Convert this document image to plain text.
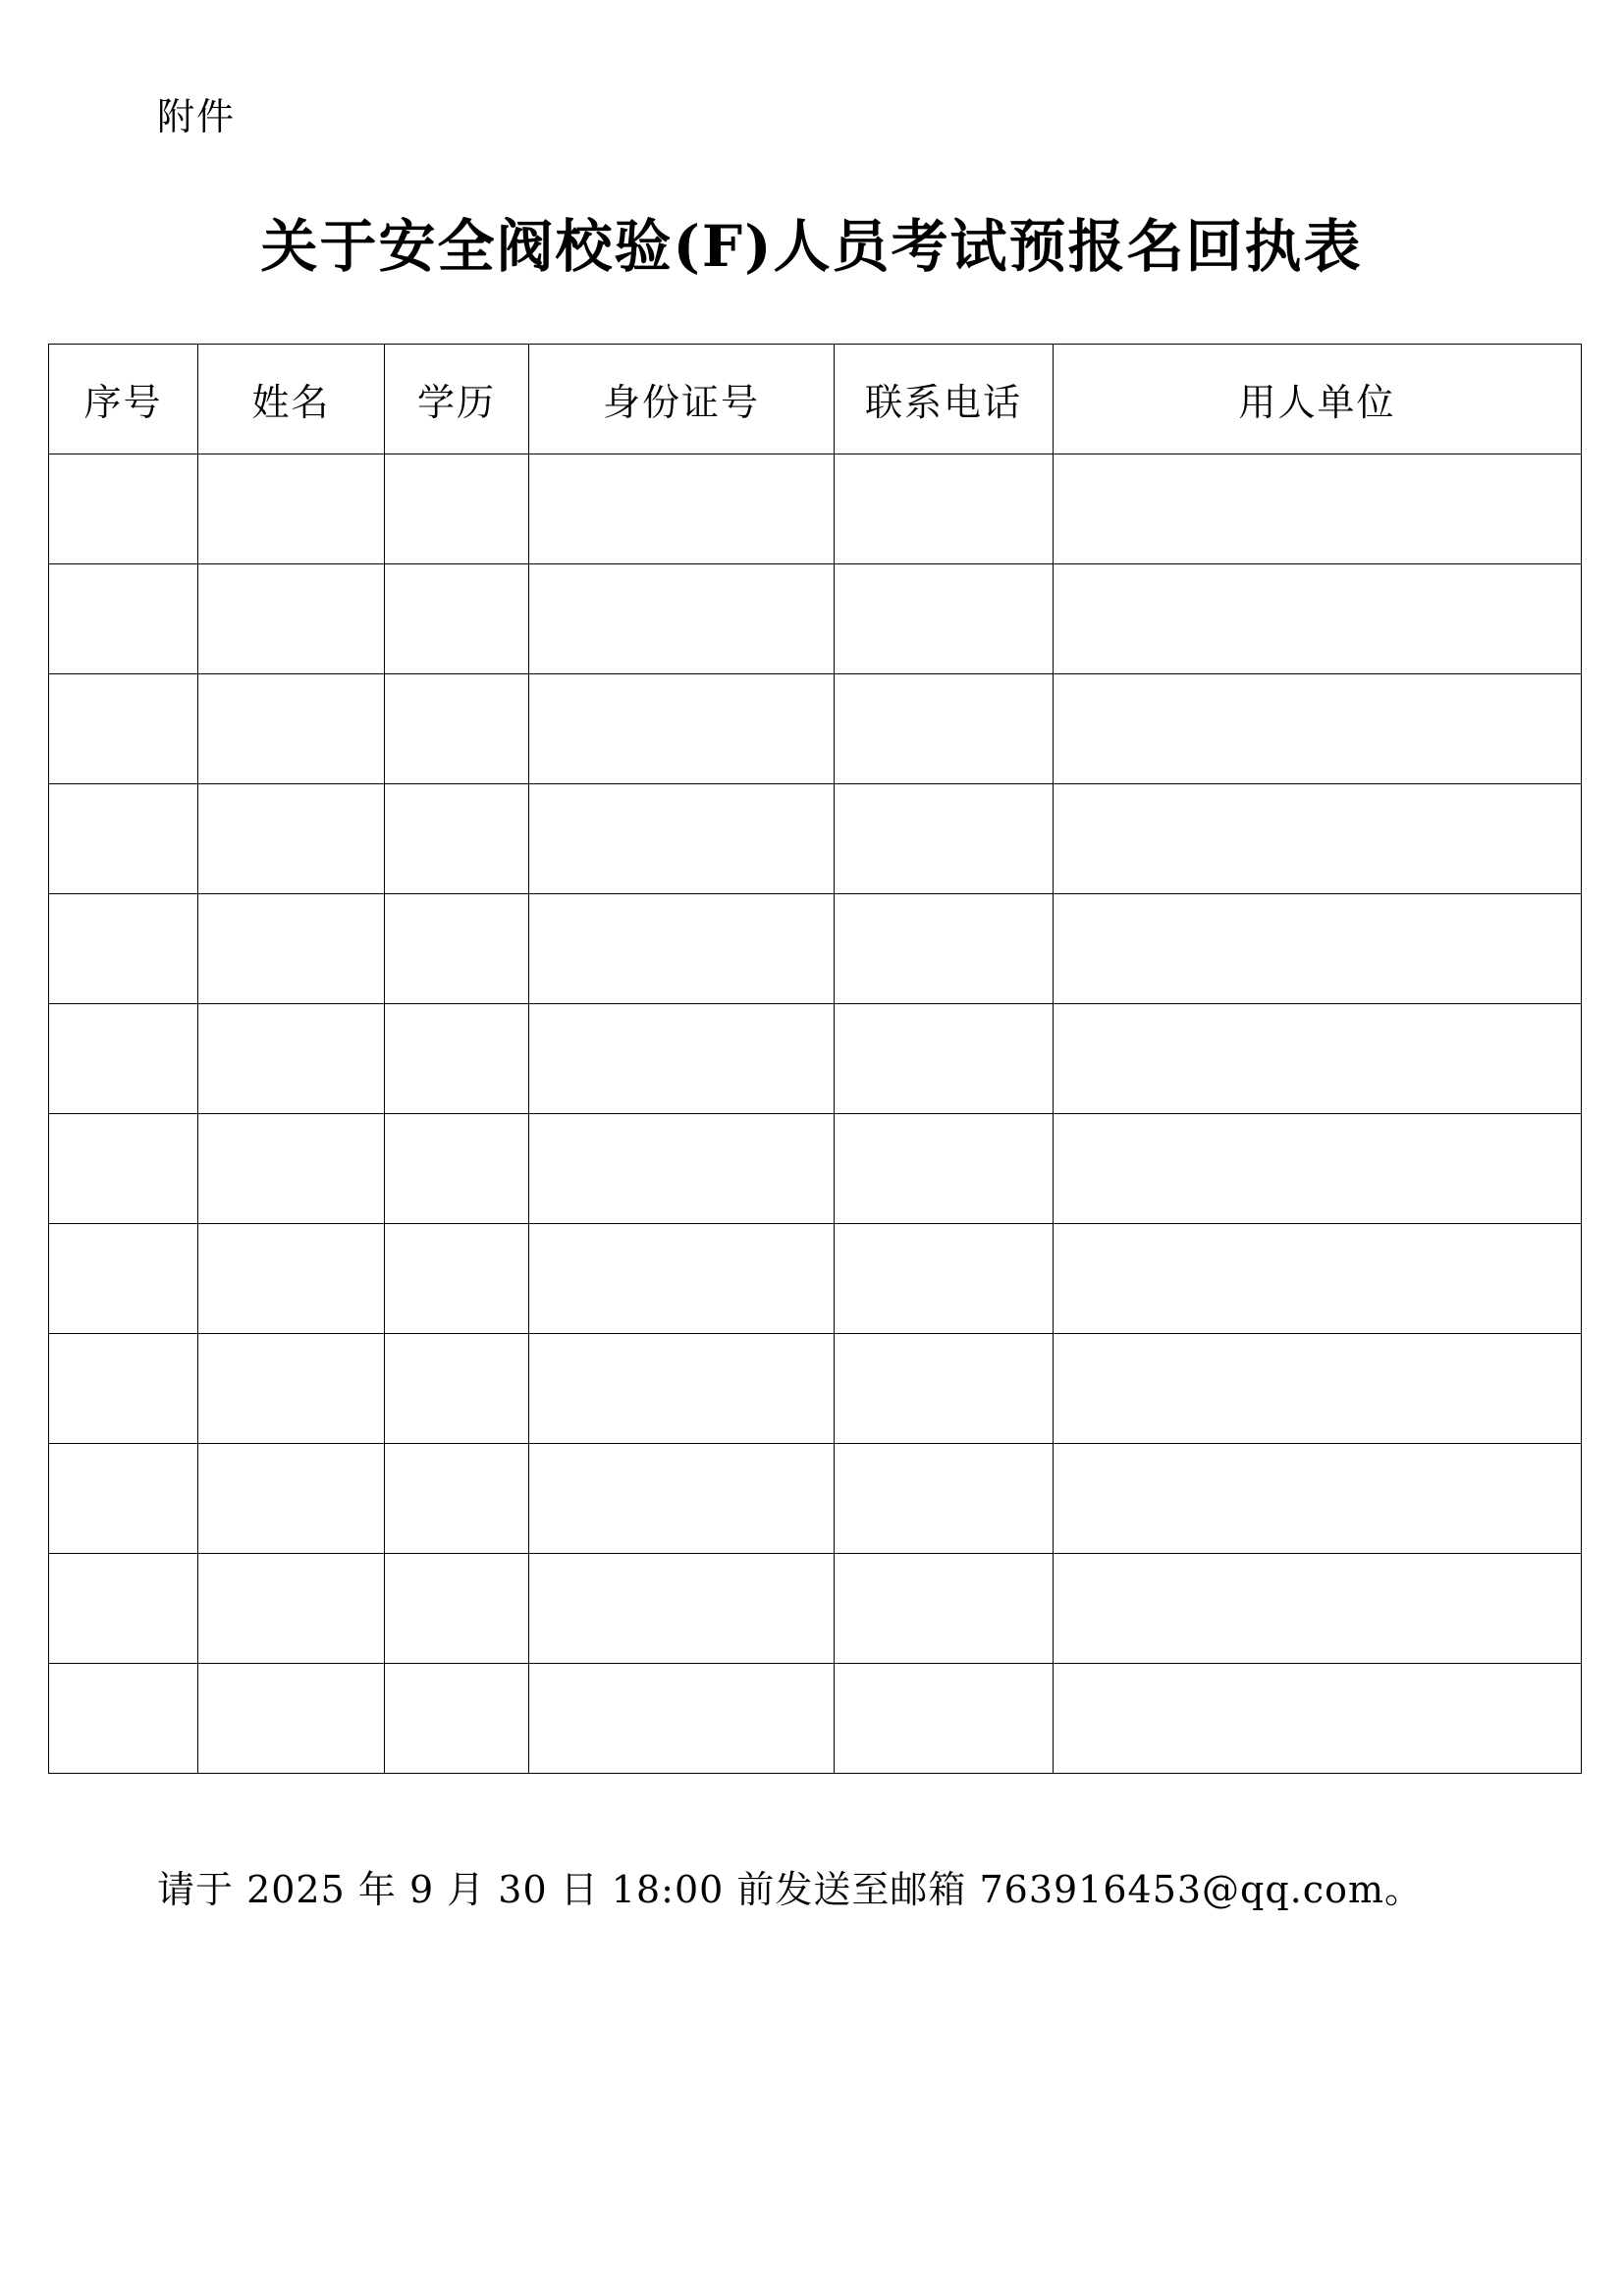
附件
关于安全阀校验(F)人员考试预报名回执表
序号	姓名	学历	身份证号	联系电话	用人单位

请于 2025 年 9 月 30 日 18:00 前发送至邮箱 763916453@qq.com。
